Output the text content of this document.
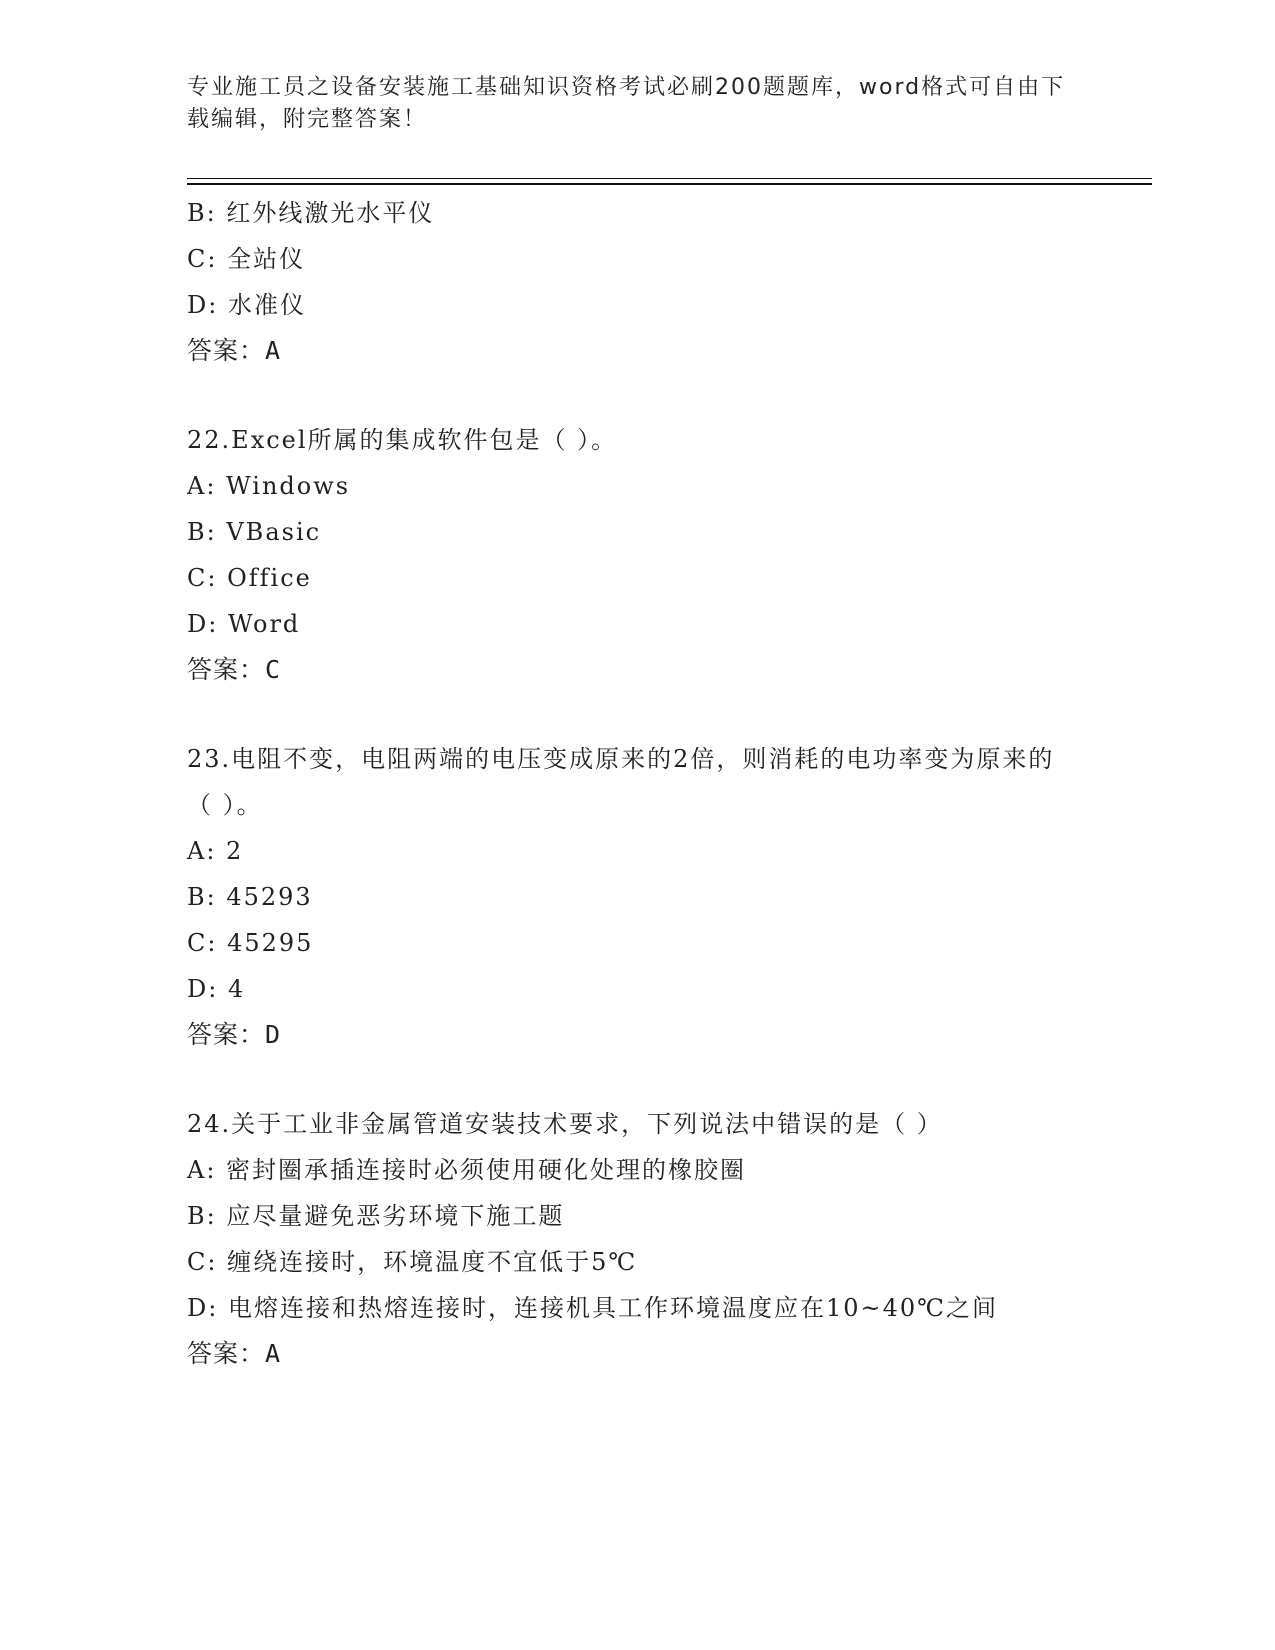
专业施工员之设备安装施工基础知识资格考试必刷200题题库，word格式可自由下载编辑，附完整答案！
B: 红外线激光水平仪
C: 全站仪
D: 水准仪
答案：A
22.Excel所属的集成软件包是（ ）。
A: Windows
B: VBasic
C: Office
D: Word
答案：C
23.电阻不变，电阻两端的电压变成原来的2倍，则消耗的电功率变为原来的（ ）。
A: 2
B: 45293
C: 45295
D: 4
答案：D
24.关于工业非金属管道安装技术要求，下列说法中错误的是（ ）
A: 密封圈承插连接时必须使用硬化处理的橡胶圈
B: 应尽量避免恶劣环境下施工题
C: 缠绕连接时，环境温度不宜低于5℃
D: 电熔连接和热熔连接时，连接机具工作环境温度应在10~40℃之间
答案：A
